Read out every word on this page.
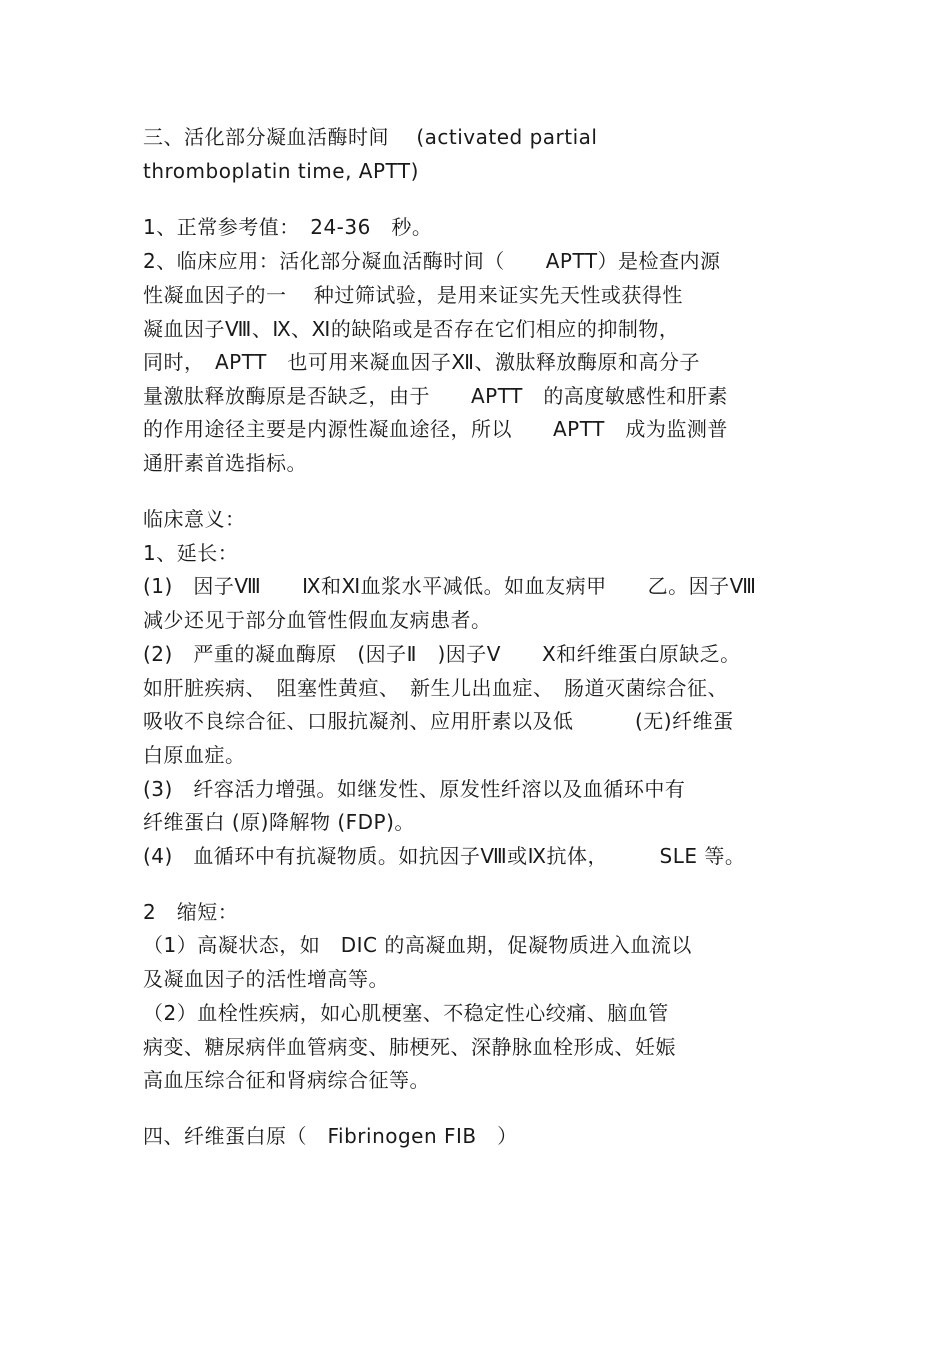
三、活化部分凝血活酶时间　 (activated partial
thromboplatin time, APTT)
1、正常参考值：　24-36　秒。
2、临床应用：活化部分凝血活酶时间（　　APTT）是检查内源
性凝血因子的一　 种过筛试验，是用来证实先天性或获得性
凝血因子Ⅷ、Ⅸ、Ⅺ的缺陷或是否存在它们相应的抑制物，
同时，　APTT　也可用来凝血因子Ⅻ、激肽释放酶原和高分子
量激肽释放酶原是否缺乏，由于　　APTT　的高度敏感性和肝素
的作用途径主要是内源性凝血途径，所以　　APTT　成为监测普
通肝素首选指标。
临床意义：
1、延长：
(1)　因子Ⅷ　　Ⅸ和Ⅺ血浆水平减低。如血友病甲　　乙。因子Ⅷ
减少还见于部分血管性假血友病患者。
(2)　严重的凝血酶原　(因子Ⅱ　)因子Ⅴ　　Ⅹ和纤维蛋白原缺乏。
如肝脏疾病、　阻塞性黄疸、　新生儿出血症、　肠道灭菌综合征、
吸收不良综合征、口服抗凝剂、应用肝素以及低　　　(无)纤维蛋
白原血症。
(3)　纤容活力增强。如继发性、原发性纤溶以及血循环中有
纤维蛋白 (原)降解物 (FDP)。
(4)　血循环中有抗凝物质。如抗因子Ⅷ或Ⅸ抗体，　　　SLE 等。
2　缩短：
（1）高凝状态，如　DIC 的高凝血期，促凝物质进入血流以
及凝血因子的活性增高等。
（2）血栓性疾病，如心肌梗塞、不稳定性心绞痛、脑血管
病变、糖尿病伴血管病变、肺梗死、深静脉血栓形成、妊娠
高血压综合征和肾病综合征等。
四、纤维蛋白原（　Fibrinogen FIB　）
